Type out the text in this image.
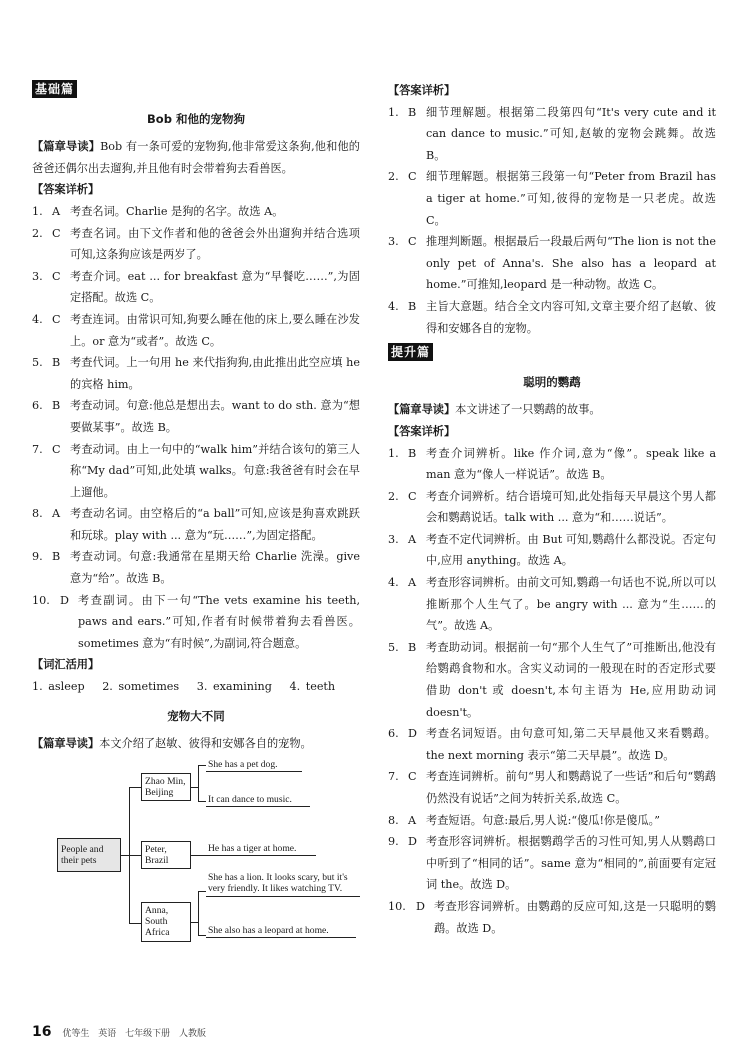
基础篇
Bob 和他的宠物狗
【篇章导读】Bob 有一条可爱的宠物狗,他非常爱这条狗,他和他的爸爸还偶尔出去遛狗,并且他有时会带着狗去看兽医。
【答案详析】
1. A 考查名词。Charlie 是狗的名字。故选 A。
2. C 考查名词。由下文作者和他的爸爸会外出遛狗并结合选项可知,这条狗应该是两岁了。
3. C 考查介词。eat ... for breakfast 意为“早餐吃……”,为固定搭配。故选 C。
4. C 考查连词。由常识可知,狗要么睡在他的床上,要么睡在沙发上。or 意为“或者”。故选 C。
5. B 考查代词。上一句用 he 来代指狗狗,由此推出此空应填 he 的宾格 him。
6. B 考查动词。句意:他总是想出去。want to do sth. 意为“想要做某事”。故选 B。
7. C 考查动词。由上一句中的“walk him”并结合该句的第三人称“My dad”可知,此处填 walks。句意:我爸爸有时会在早上遛他。
8. A 考查动名词。由空格后的“a ball”可知,应该是狗喜欢跳跃和玩球。play with ... 意为“玩……”,为固定搭配。
9. B 考查动词。句意:我通常在星期天给 Charlie 洗澡。give 意为“给”。故选 B。
10. D 考查副词。由下一句“The vets examine his teeth, paws and ears.”可知,作者有时候带着狗去看兽医。sometimes 意为“有时候”,为副词,符合题意。
【词汇活用】
1. asleep 2. sometimes 3. examining 4. teeth
宠物大不同
【篇章导读】本文介绍了赵敏、彼得和安娜各自的宠物。
People and their pets
Zhao Min, Beijing
She has a pet dog.
It can dance to music.
Peter, Brazil
He has a tiger at home.
Anna, South Africa
She has a lion. It looks scary, but it's very friendly. It likes watching TV.
She also has a leopard at home.
【答案详析】
1. B 细节理解题。根据第二段第四句“It's very cute and it can dance to music.”可知,赵敏的宠物会跳舞。故选 B。
2. C 细节理解题。根据第三段第一句“Peter from Brazil has a tiger at home.”可知,彼得的宠物是一只老虎。故选 C。
3. C 推理判断题。根据最后一段最后两句“The lion is not the only pet of Anna's. She also has a leopard at home.”可推知,leopard 是一种动物。故选 C。
4. B 主旨大意题。结合全文内容可知,文章主要介绍了赵敏、彼得和安娜各自的宠物。
提升篇
聪明的鹦鹉
【篇章导读】本文讲述了一只鹦鹉的故事。
【答案详析】
1. B 考查介词辨析。like 作介词,意为“像”。speak like a man 意为“像人一样说话”。故选 B。
2. C 考查介词辨析。结合语境可知,此处指每天早晨这个男人都会和鹦鹉说话。talk with ... 意为“和……说话”。
3. A 考查不定代词辨析。由 But 可知,鹦鹉什么都没说。否定句中,应用 anything。故选 A。
4. A 考查形容词辨析。由前文可知,鹦鹉一句话也不说,所以可以推断那个人生气了。be angry with ... 意为“生……的气”。故选 A。
5. B 考查助动词。根据前一句“那个人生气了”可推断出,他没有给鹦鹉食物和水。含实义动词的一般现在时的否定形式要借助 don't 或 doesn't,本句主语为 He,应用助动词 doesn't。
6. D 考查名词短语。由句意可知,第二天早晨他又来看鹦鹉。the next morning 表示“第二天早晨”。故选 D。
7. C 考查连词辨析。前句“男人和鹦鹉说了一些话”和后句“鹦鹉仍然没有说话”之间为转折关系,故选 C。
8. A 考查短语。句意:最后,男人说:“傻瓜!你是傻瓜。”
9. D 考查形容词辨析。根据鹦鹉学舌的习性可知,男人从鹦鹉口中听到了“相同的话”。same 意为“相同的”,前面要有定冠词 the。故选 D。
10. D 考查形容词辨析。由鹦鹉的反应可知,这是一只聪明的鹦鹉。故选 D。
16 优等生 英语 七年级下册 人教版
